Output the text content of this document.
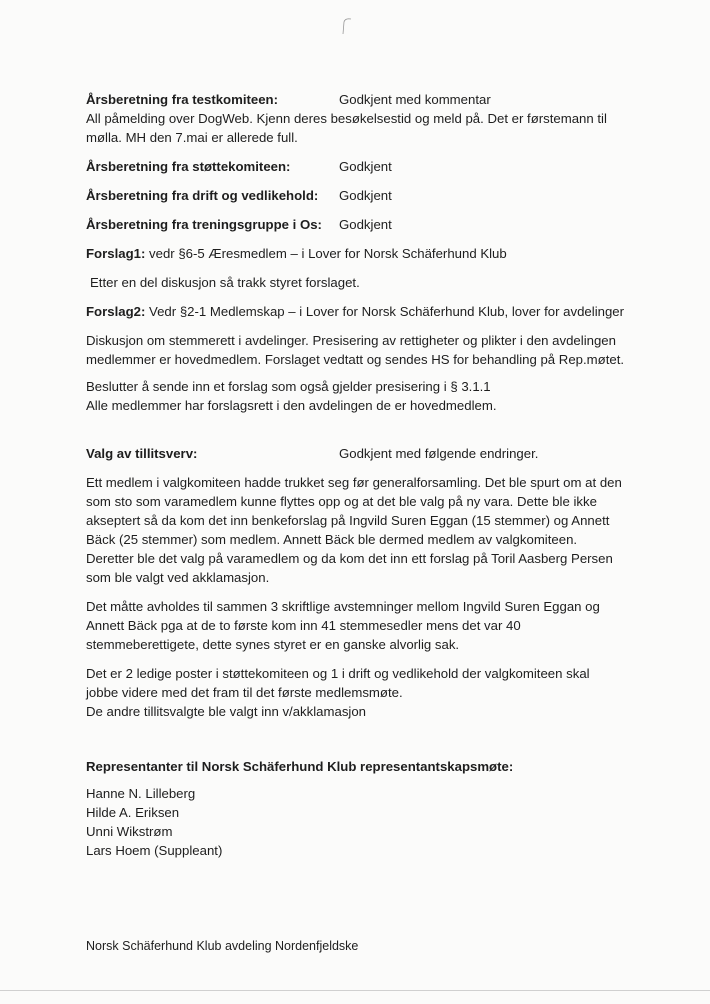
Årsberetning fra testkomiteen:	Godkjent med kommentar

All påmelding over DogWeb. Kjenn deres besøkelsestid og meld på. Det er førstemann til

mølla. MH den 7.mai er allerede full.

Årsberetning fra støttekomiteen:	Godkjent
Årsberetning fra drift og vedlikehold:	Godkjent
Årsberetning fra treningsgruppe i Os:	Godkjent

Forslag1: vedr §6-5 Æresmedlem – i Lover for Norsk Schäferhund Klub

Etter en del diskusjon så trakk styret forslaget.

Forslag2: Vedr §2-1 Medlemskap – i Lover for Norsk Schäferhund Klub, lover for avdelinger

Diskusjon om stemmerett i avdelinger. Presisering av rettigheter og plikter i den avdelingen

medlemmer er hovedmedlem. Forslaget vedtatt og sendes HS for behandling på Rep.møtet.

Beslutter å sende inn et forslag som også gjelder presisering i § 3.1.1

Alle medlemmer har forslagsrett i den avdelingen de er hovedmedlem.

Valg av tillitsverv:	Godkjent med følgende endringer.

Ett medlem i valgkomiteen hadde trukket seg før generalforsamling. Det ble spurt om at den

som sto som varamedlem kunne flyttes opp og at det ble valg på ny vara. Dette ble ikke

akseptert så da kom det inn benkeforslag på Ingvild Suren Eggan (15 stemmer) og Annett

Bäck (25 stemmer) som medlem. Annett Bäck ble dermed medlem av valgkomiteen.

Deretter ble det valg på varamedlem og da kom det inn ett forslag på Toril Aasberg Persen

som ble valgt ved akklamasjon.

Det måtte avholdes til sammen 3 skriftlige avstemninger mellom Ingvild Suren Eggan og

Annett Bäck pga at de to første kom inn 41 stemmesedler mens det var 40

stemmeberettigete, dette synes styret er en ganske alvorlig sak.

Det er 2 ledige poster i støttekomiteen og 1 i drift og vedlikehold der valgkomiteen skal

jobbe videre med det fram til det første medlemsmøte.

De andre tillitsvalgte ble valgt inn v/akklamasjon

Representanter til Norsk Schäferhund Klub representantskapsmøte:

Hanne N. Lilleberg

Hilde A. Eriksen

Unni Wikstrøm

Lars Hoem (Suppleant)

Norsk Schäferhund Klub avdeling Nordenfjeldske
